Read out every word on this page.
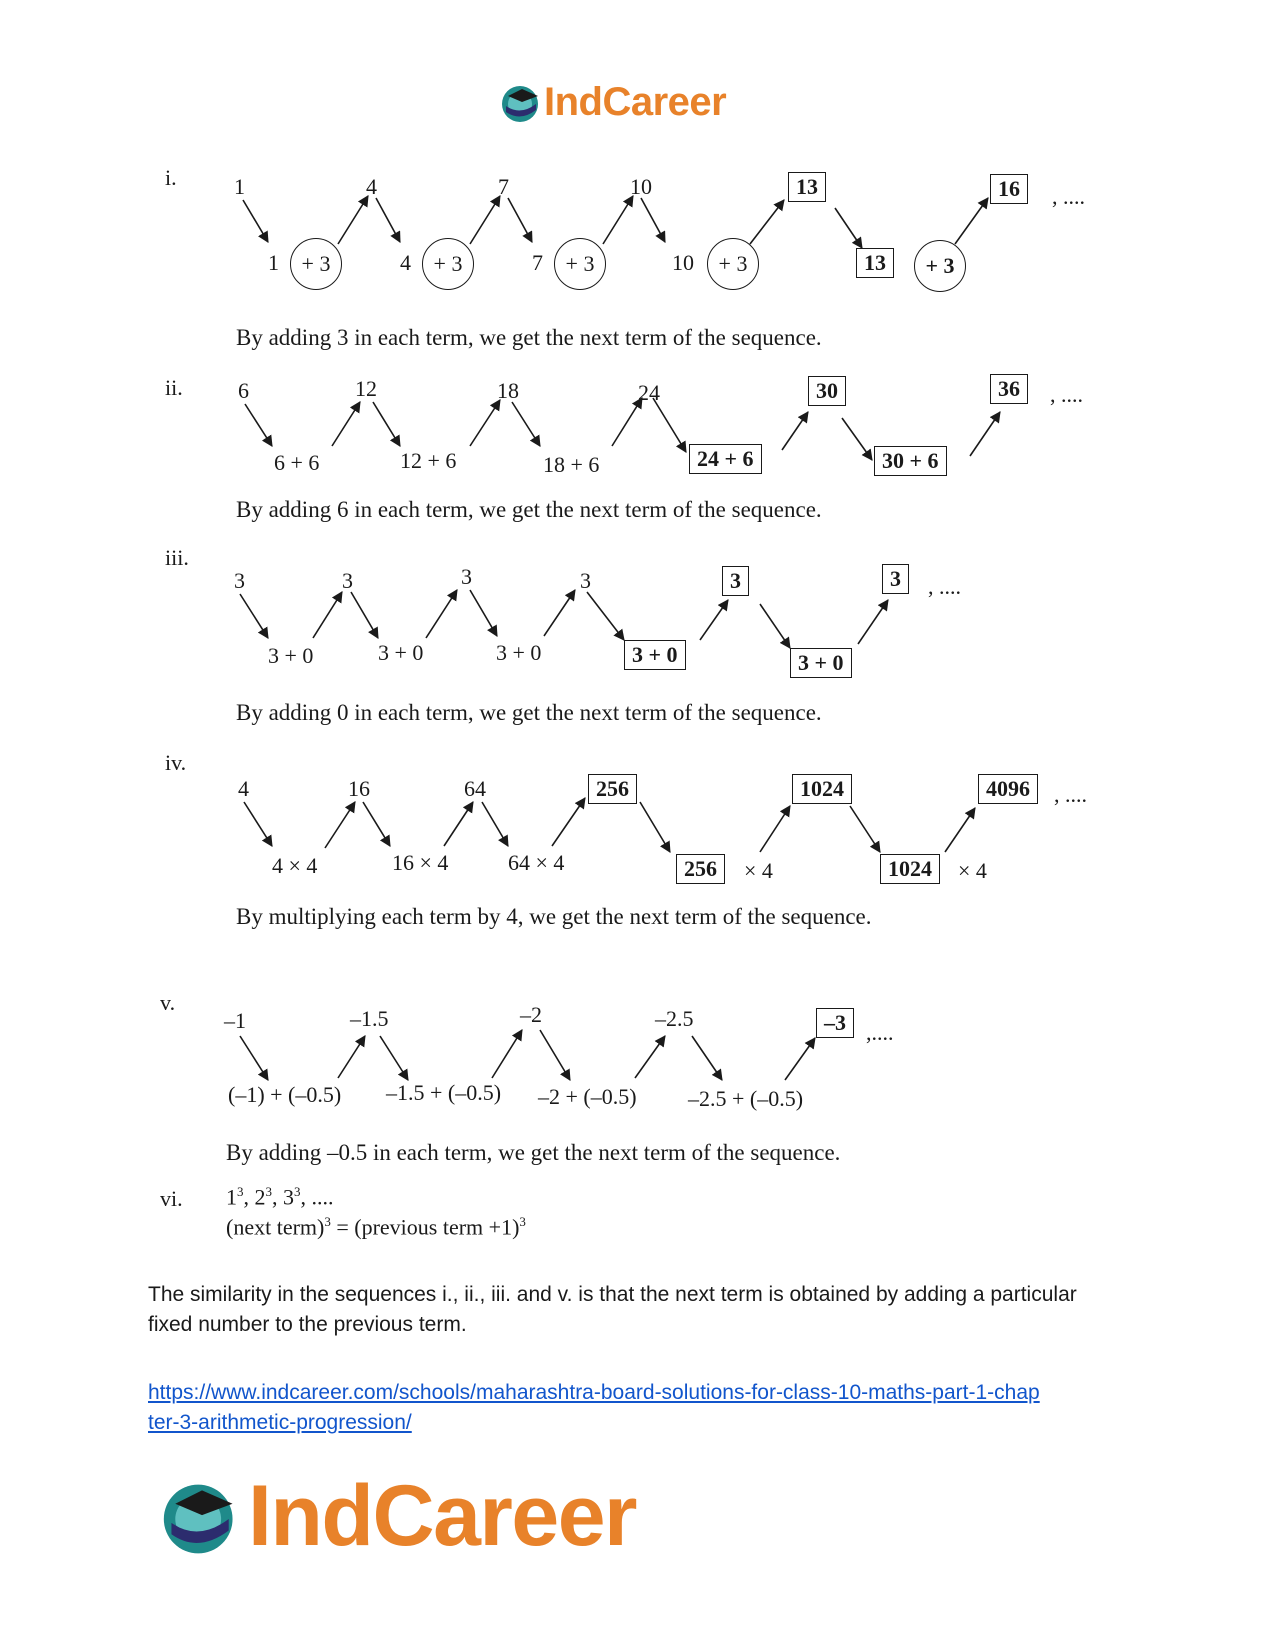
IndCareer
i.	1	4	7	10	13	16	, ....
1	+ 3	4	+ 3	7	+ 3	10	+ 3	13	+ 3
By adding 3 in each term, we get the next term of the sequence.
ii.	6	12	18	24	30	36	, ....
6 + 6	12 + 6	18 + 6	24 + 6	30 + 6
By adding 6 in each term, we get the next term of the sequence.
iii.
3	3	3	3	3	3	, ....
3 + 0	3 + 0	3 + 0	3 + 0	3 + 0
By adding 0 in each term, we get the next term of the sequence.
iv.
4	16	64	256	1024	4096	, ....
4 × 4	16 × 4	64 × 4	256	× 4	1024	× 4
By multiplying each term by 4, we get the next term of the sequence.
v.
–1	–1.5	–2	–2.5	–3 ,....
(–1) + (–0.5) –1.5 + (–0.5) –2 + (–0.5) –2.5 + (–0.5)
By adding –0.5 in each term, we get the next term of the sequence.
vi. $1^3$, $2^3$, $3^3$, ....
(next term)$^3$ = (previous term +1)$^3$
The similarity in the sequences i., ii., iii. and v. is that the next term is obtained by adding a particular fixed number to the previous term.
https://www.indcareer.com/schools/maharashtra-board-solutions-for-class-10-maths-part-1-chap
ter-3-arithmetic-progression/
IndCareer
